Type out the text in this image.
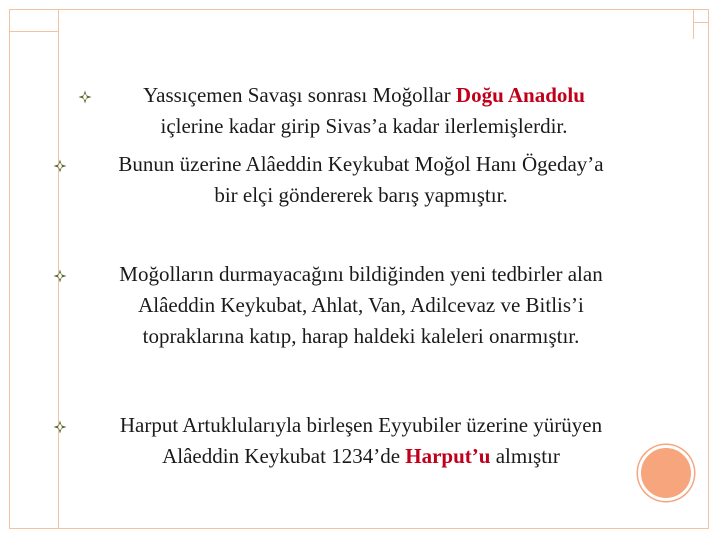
Yassıçemen Savaşı sonrası Moğollar Doğu Anadolu
içlerine kadar girip Sivas’a kadar ilerlemişlerdir.
Bunun üzerine Alâeddin Keykubat Moğol Hanı Ögeday’a
bir elçi göndererek barış yapmıştır.
Moğolların durmayacağını bildiğinden yeni tedbirler alan
Alâeddin Keykubat, Ahlat, Van, Adilcevaz ve Bitlis’i
topraklarına katıp, harap haldeki kaleleri onarmıştır.
Harput Artuklularıyla birleşen Eyyubiler üzerine yürüyen
Alâeddin Keykubat 1234’de Harput’u almıştır
